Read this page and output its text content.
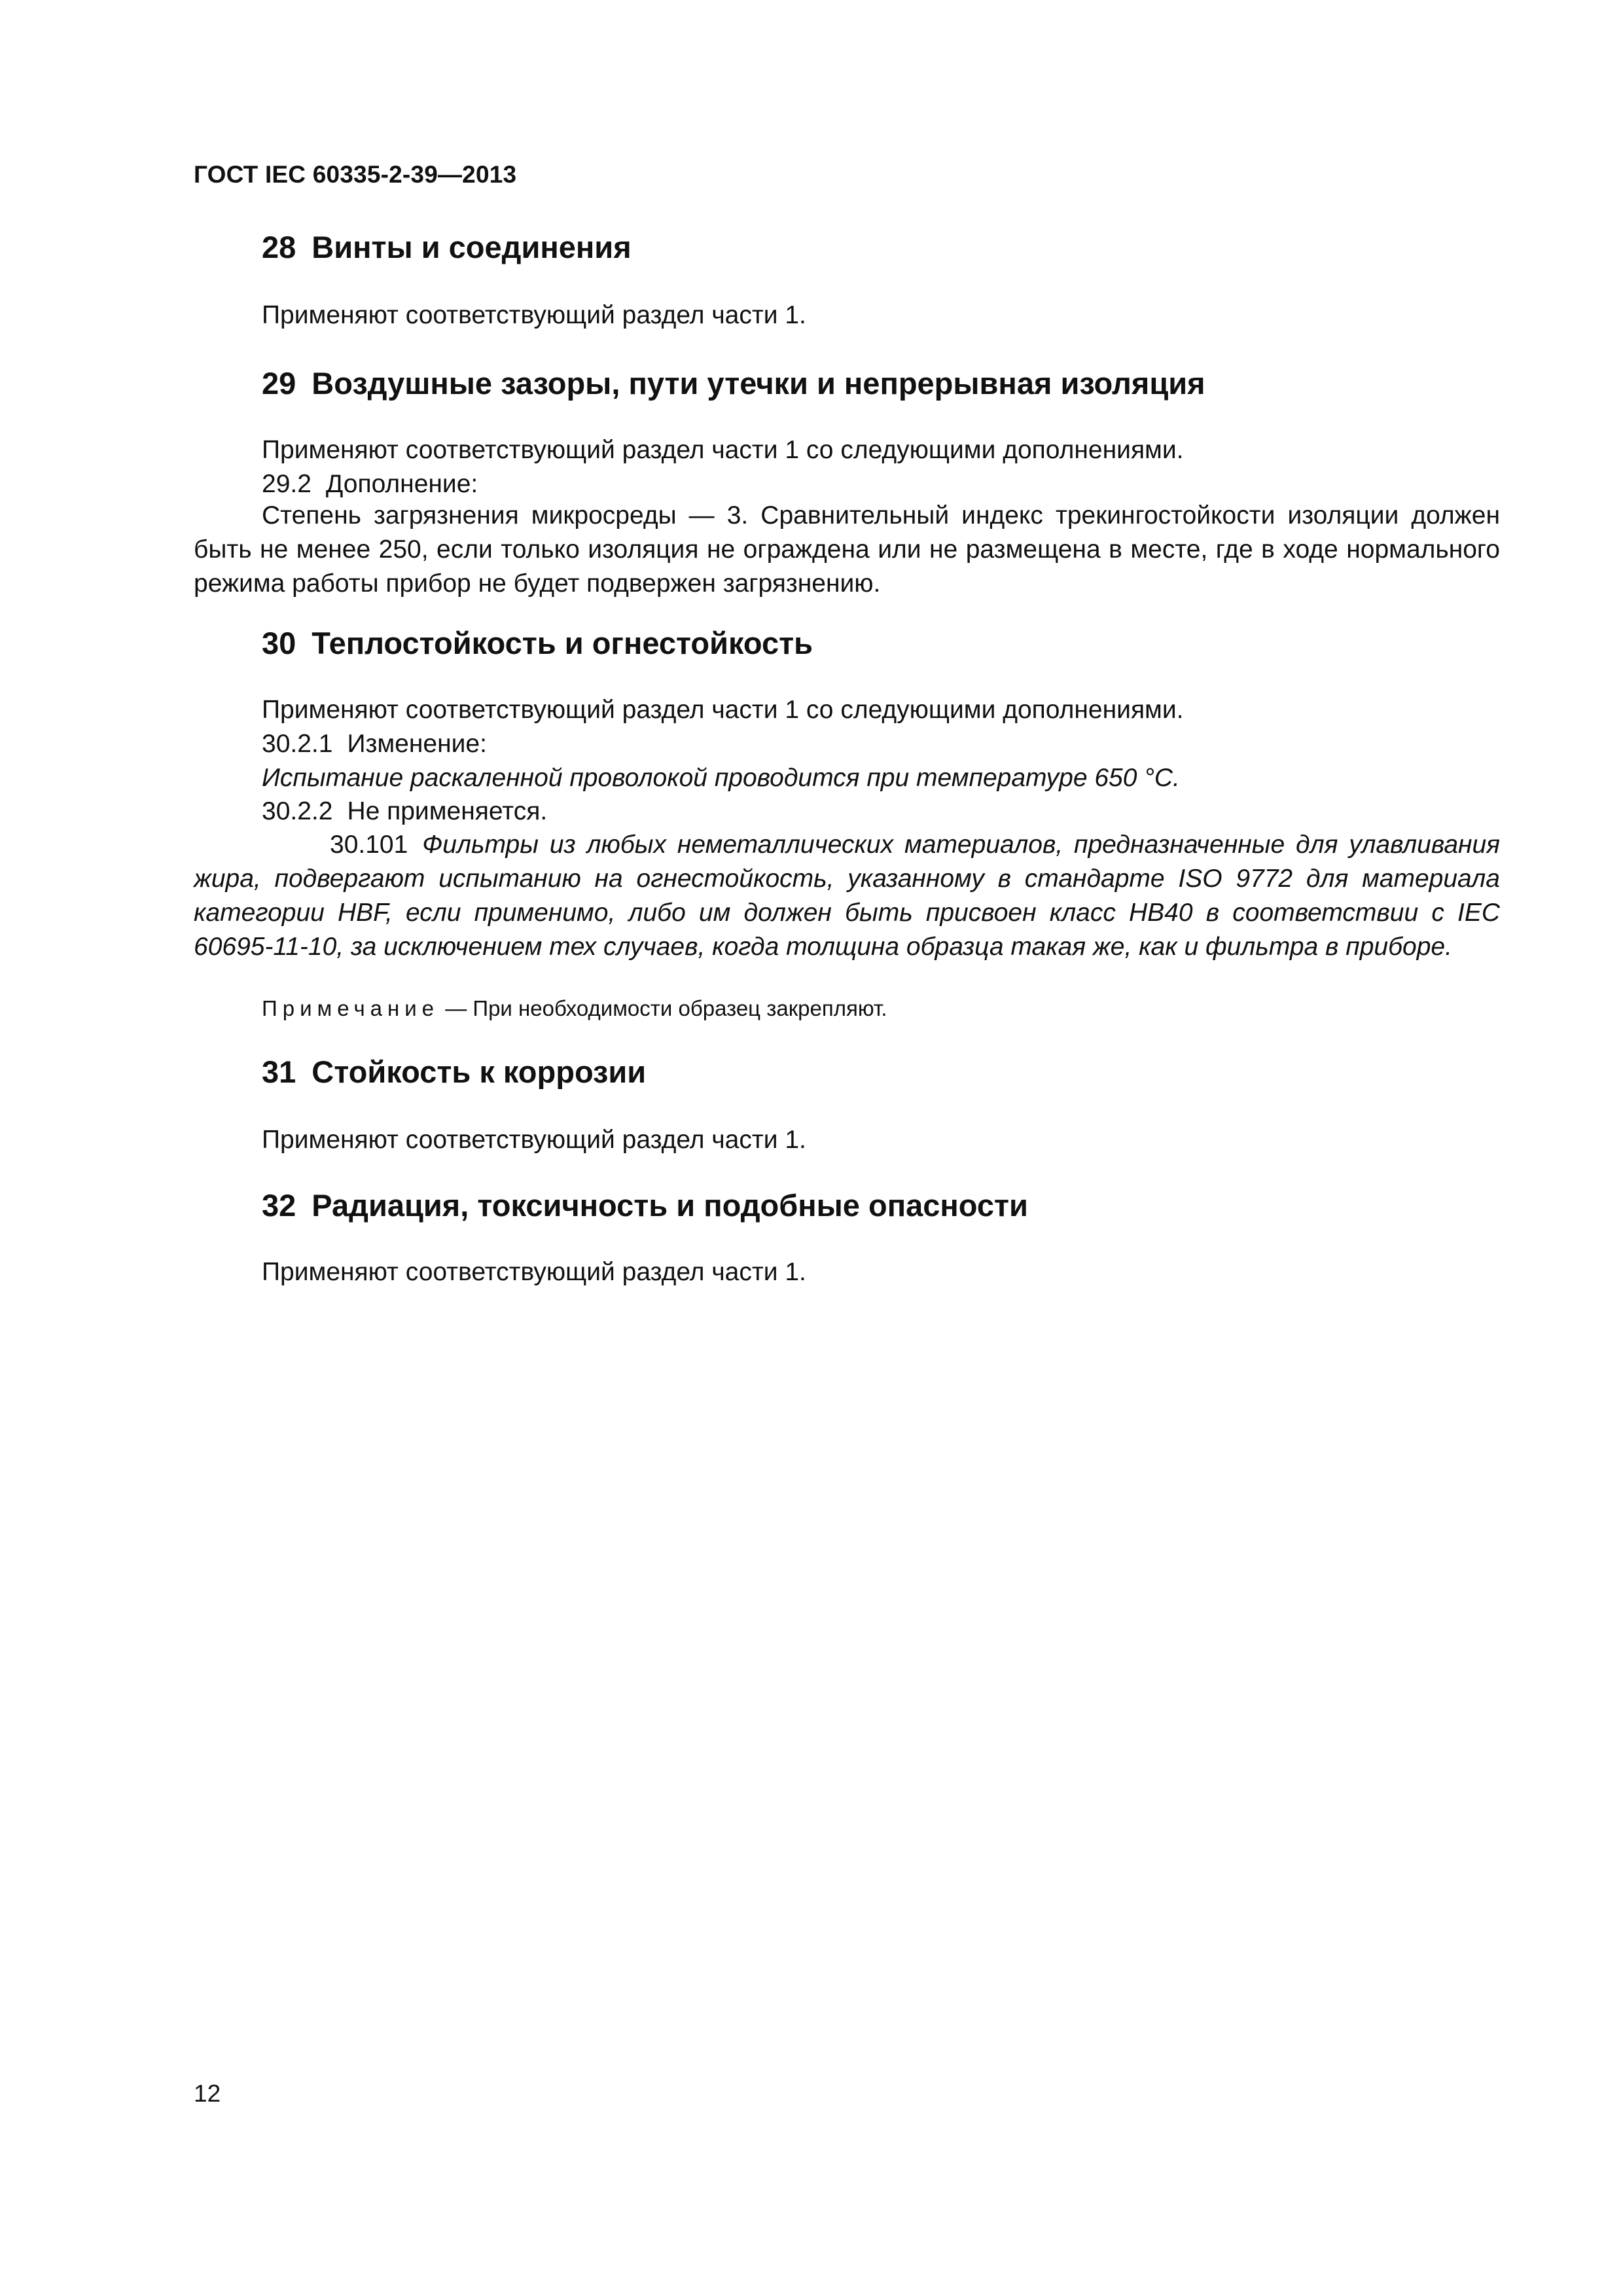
ГОСТ IEC 60335-2-39—2013
28 Винты и соединения
Применяют соответствующий раздел части 1.
29 Воздушные зазоры, пути утечки и непрерывная изоляция
Применяют соответствующий раздел части 1 со следующими дополнениями.
29.2 Дополнение:
Степень загрязнения микросреды — 3. Сравнительный индекс трекингостойкости изоляции должен быть не менее 250, если только изоляция не ограждена или не размещена в месте, где в ходе нормального режима работы прибор не будет подвержен загрязнению.
30 Теплостойкость и огнестойкость
Применяют соответствующий раздел части 1 со следующими дополнениями.
30.2.1 Изменение:
Испытание раскаленной проволокой проводится при температуре 650 °С.
30.2.2 Не применяется.
30.101 Фильтры из любых неметаллических материалов, предназначенные для улавливания жира, подвергают испытанию на огнестойкость, указанному в стандарте ISO 9772 для материала категории HBF, если применимо, либо им должен быть присвоен класс НВ40 в соответствии с IEC 60695-11-10, за исключением тех случаев, когда толщина образца такая же, как и фильтра в приборе.
Примечание — При необходимости образец закрепляют.
31 Стойкость к коррозии
Применяют соответствующий раздел части 1.
32 Радиация, токсичность и подобные опасности
Применяют соответствующий раздел части 1.
12
